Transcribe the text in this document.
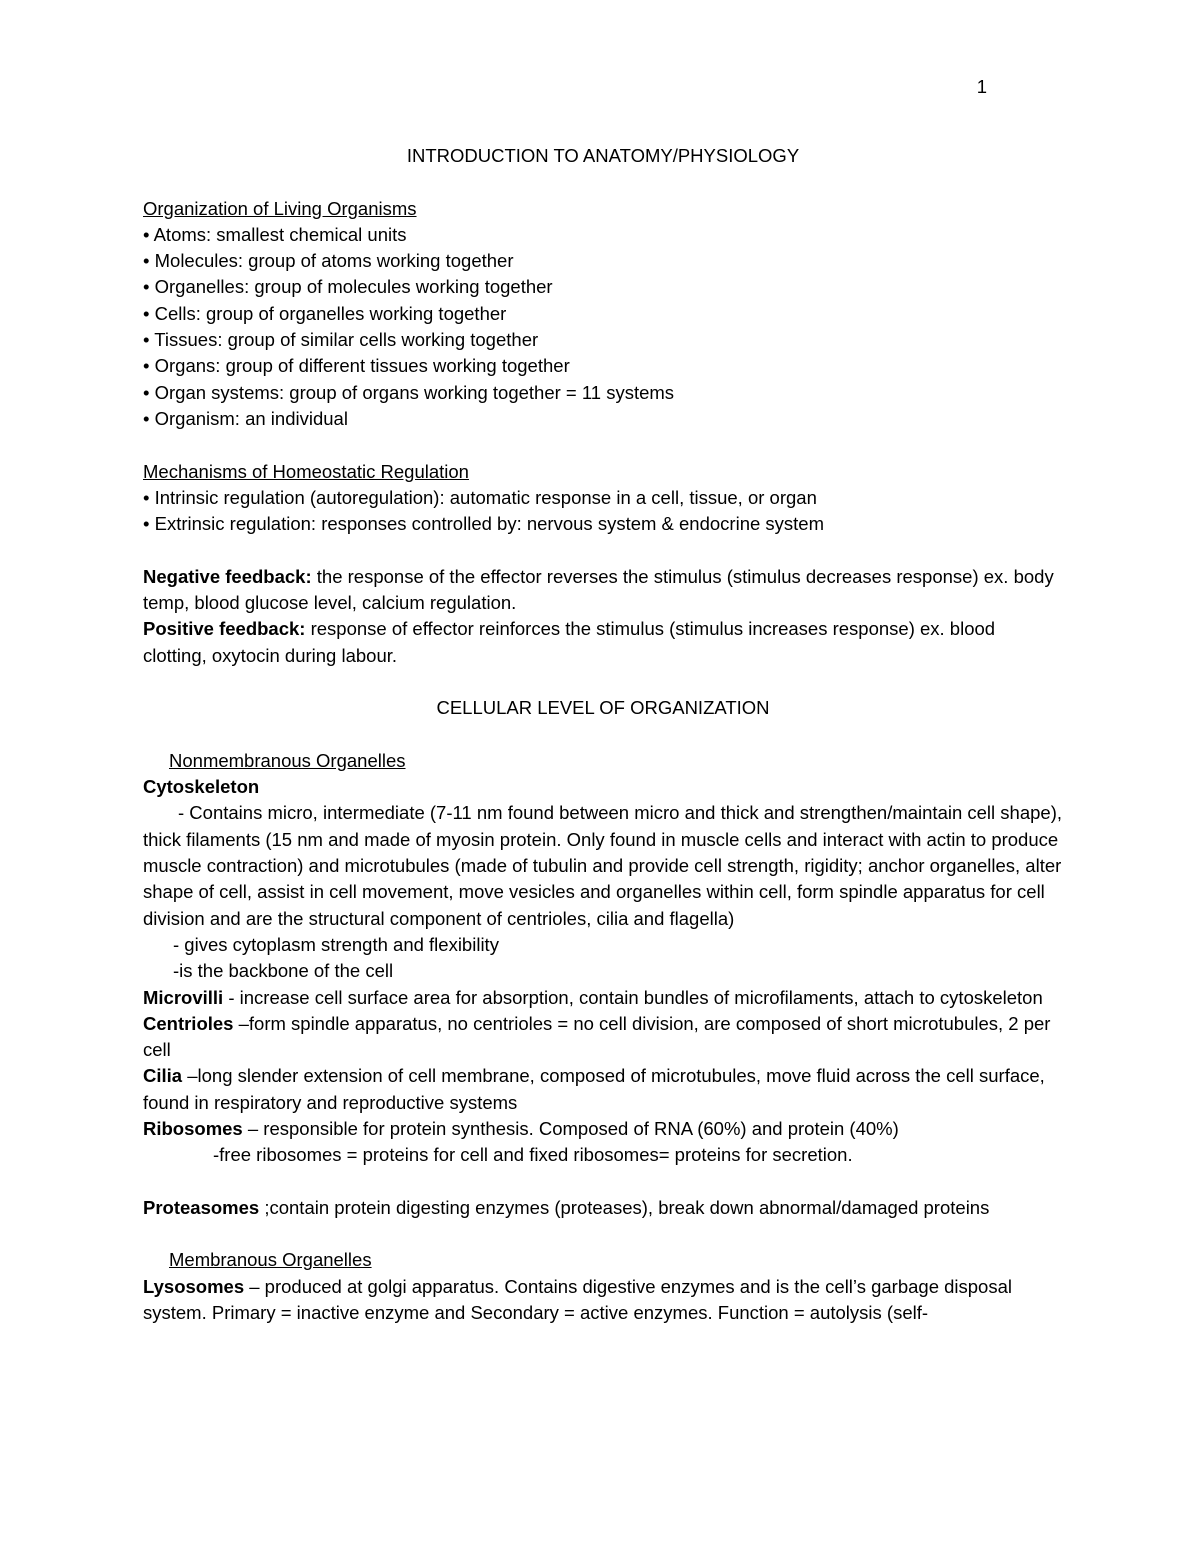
1

INTRODUCTION TO ANATOMY/PHYSIOLOGY

Organization of Living Organisms

• Atoms: smallest chemical units

• Molecules: group of atoms working together

• Organelles: group of molecules working together

• Cells: group of organelles working together

• Tissues: group of similar cells working together

• Organs: group of different tissues working together

• Organ systems: group of organs working together = 11 systems

• Organism: an individual

Mechanisms of Homeostatic Regulation

• Intrinsic regulation (autoregulation): automatic response in a cell, tissue, or organ

• Extrinsic regulation: responses controlled by: nervous system & endocrine system

Negative feedback: the response of the effector reverses the stimulus (stimulus decreases response) ex. body temp, blood glucose level, calcium regulation.

Positive feedback: response of effector reinforces the stimulus (stimulus increases response) ex. blood clotting, oxytocin during labour.

CELLULAR LEVEL OF ORGANIZATION

Nonmembranous Organelles

Cytoskeleton

- Contains micro, intermediate (7-11 nm found between micro and thick and strengthen/maintain cell shape), thick filaments (15 nm and made of myosin protein. Only found in muscle cells and interact with actin to produce muscle contraction) and microtubules (made of tubulin and provide cell strength, rigidity; anchor organelles, alter shape of cell, assist in cell movement, move vesicles and organelles within cell, form spindle apparatus for cell division and are the structural component of centrioles, cilia and flagella)

- gives cytoplasm strength and flexibility

-is the backbone of the cell

Microvilli - increase cell surface area for absorption, contain bundles of microfilaments, attach to cytoskeleton

Centrioles –form spindle apparatus, no centrioles = no cell division, are composed of short microtubules, 2 per cell

Cilia –long slender extension of cell membrane, composed of microtubules, move fluid across the cell surface, found in respiratory and reproductive systems

Ribosomes – responsible for protein synthesis. Composed of RNA (60%) and protein (40%)

-free ribosomes = proteins for cell and fixed ribosomes= proteins for secretion.

Proteasomes ;contain protein digesting enzymes (proteases), break down abnormal/damaged proteins

Membranous Organelles

Lysosomes – produced at golgi apparatus. Contains digestive enzymes and is the cell’s garbage disposal system. Primary = inactive enzyme and Secondary = active enzymes. Function = autolysis (self-
